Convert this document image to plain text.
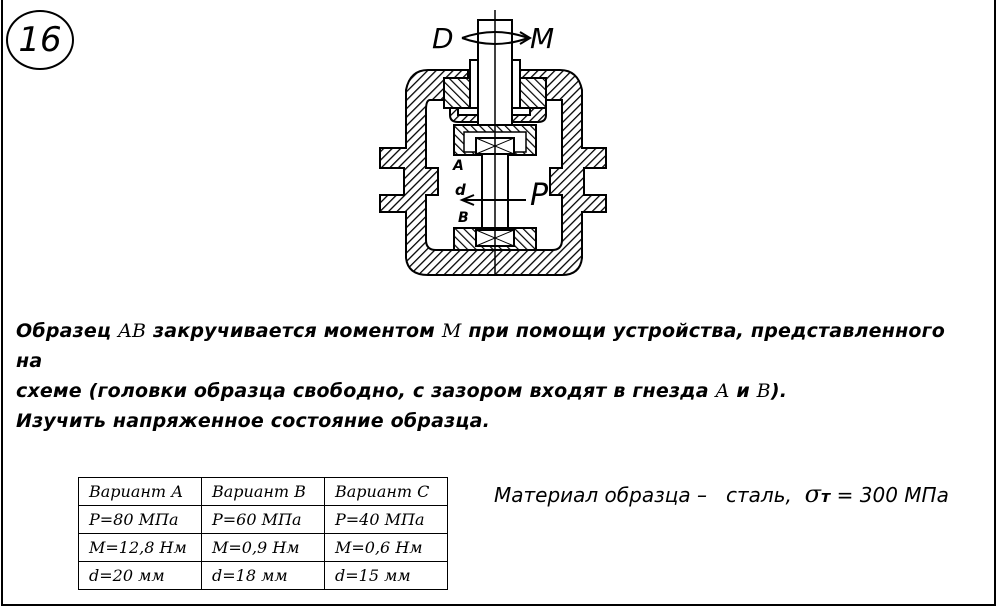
16	D	M
A
d P
B
Образец AB закручивается моментом M при помощи устройства, представленного на
схеме (головки образца свободно, с зазором входят в гнезда A и B).
Изучить напряженное состояние образца.
Вариант А	Вариант В	Вариант С
P=80 МПа	P=60 МПа	P=40 МПа
M=12,8 Нм	M=0,9 Нм	M=0,6 Нм
d=20 мм	d=18 мм	d=15 мм
Материал образца – сталь, σт = 300 МПа
